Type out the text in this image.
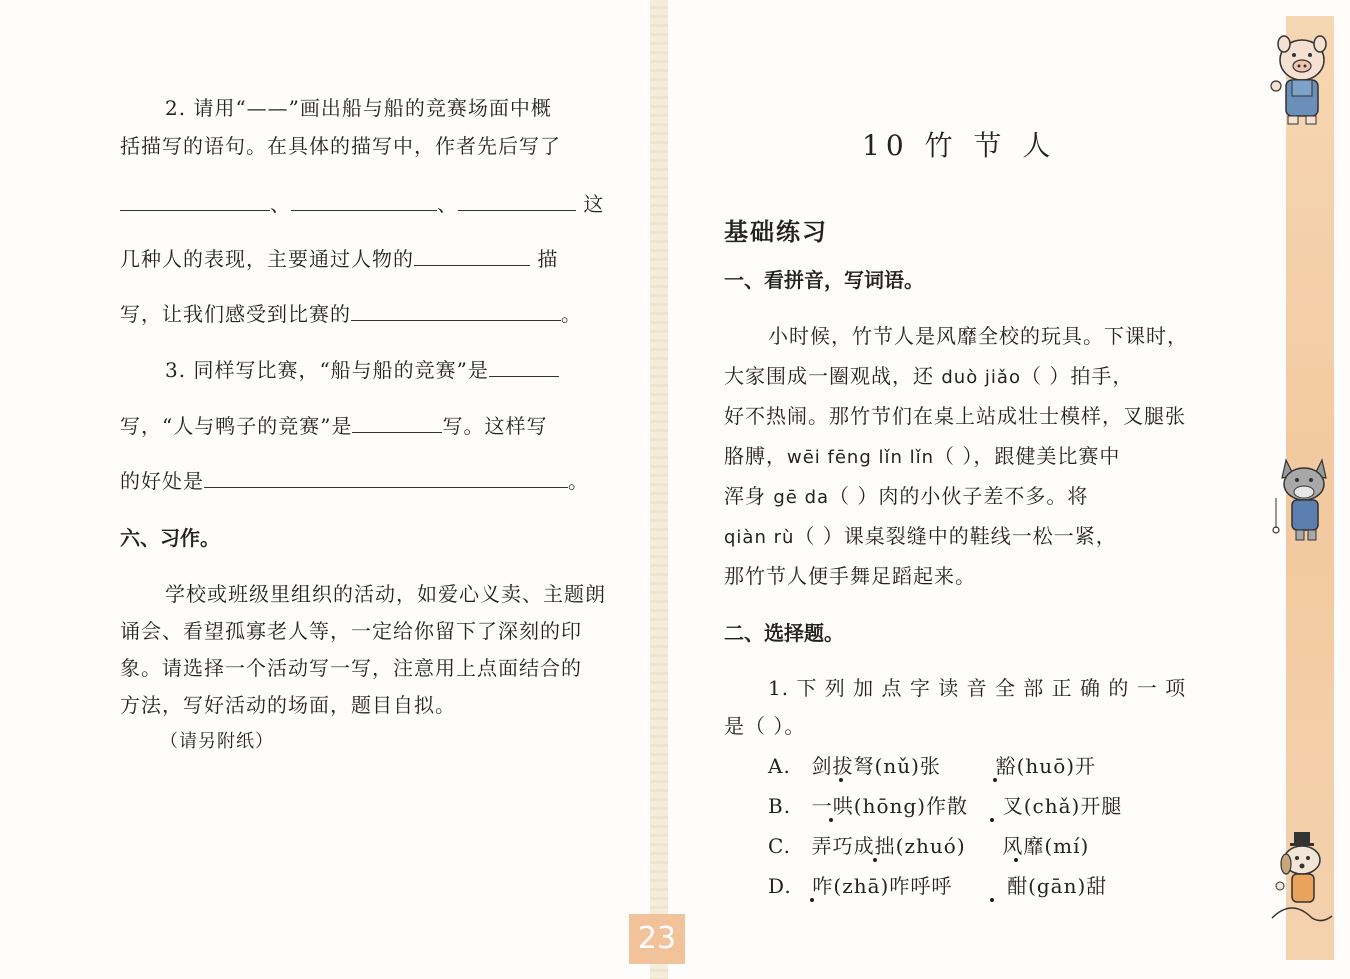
2. 请用“——”画出船与船的竞赛场面中概
括描写的语句。在具体的描写中，作者先后写了
、	、	这
几种人的表现，主要通过人物的	描
写，让我们感受到比赛的	。
3. 同样写比赛，“船与船的竞赛”是
写，“人与鸭子的竞赛”是	写。这样写
的好处是	。
六、习作。
学校或班级里组织的活动，如爱心义卖、主题朗
诵会、看望孤寡老人等，一定给你留下了深刻的印
象。请选择一个活动写一写，注意用上点面结合的
方法，写好活动的场面，题目自拟。
（请另附纸）
10 竹 节 人
基础练习
一、看拼音，写词语。
小时候，竹节人是风靡全校的玩具。下课时，
大家围成一圈观战，还 duò jiǎo（ ）拍手，
好不热闹。那竹节们在桌上站成壮士模样，叉腿张
胳膊，wēi fēng lǐn lǐn（ ），跟健美比赛中
浑身 gē da（ ）肉的小伙子差不多。将
qiàn rù（ ）课桌裂缝中的鞋线一松一紧，
那竹节人便手舞足蹈起来。
二、选择题。
1. 下 列 加 点 字 读 音 全 部 正 确 的 一 项
是（ ）。
A. 剑拔弩(nǔ)张	豁(huō)开
B. 一哄(hōng)作散 叉(chǎ)开腿
C. 弄巧成拙(zhuó) 风靡(mí)
D. 咋(zhā)咋呼呼	酣(gān)甜
23
